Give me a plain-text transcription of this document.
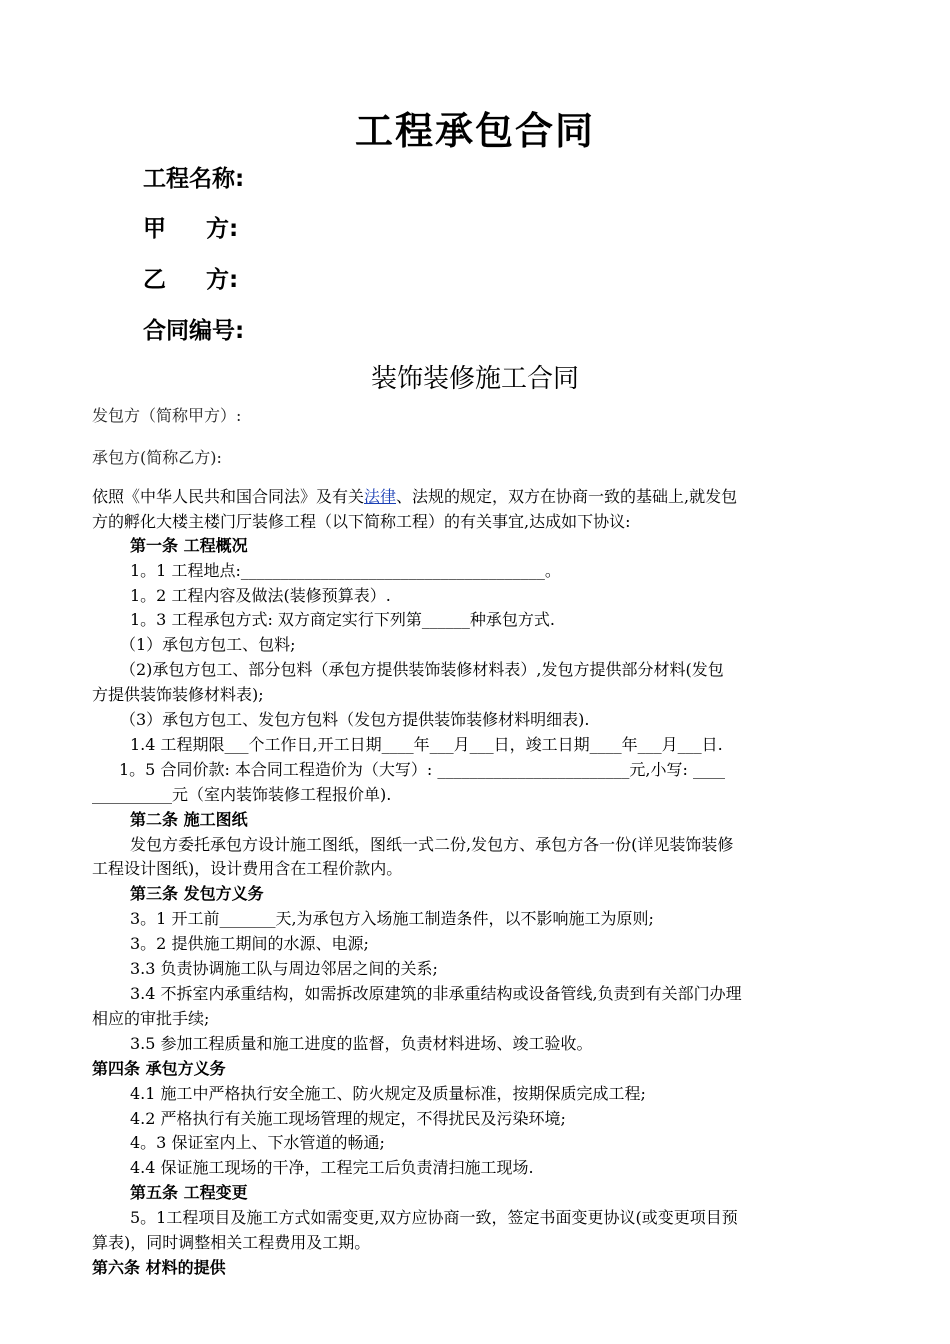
工程承包合同
工程名称:
甲方:
乙方:
合同编号:
装饰装修施工合同
发包方（简称甲方）:
承包方(简称乙方):
依照《中华人民共和国合同法》及有关法律、法规的规定，双方在协商一致的基础上,就发包
方的孵化大楼主楼门厅装修工程（以下简称工程）的有关事宜,达成如下协议:
第一条 工程概况
1。1 工程地点:______________________________________。
1。2 工程内容及做法(装修预算表）.
1。3 工程承包方式: 双方商定实行下列第______种承包方式.
（1）承包方包工、包料;
（2)承包方包工、部分包料（承包方提供装饰装修材料表）,发包方提供部分材料(发包
方提供装饰装修材料表);
（3）承包方包工、发包方包料（发包方提供装饰装修材料明细表).
1.4 工程期限___个工作日,开工日期____年___月___日，竣工日期____年___月___日.
1。5 合同价款: 本合同工程造价为（大写）: ________________________元,小写: ____
__________元（室内装饰装修工程报价单).
第二条 施工图纸
发包方委托承包方设计施工图纸，图纸一式二份,发包方、承包方各一份(详见装饰装修
工程设计图纸)，设计费用含在工程价款内。
第三条 发包方义务
3。1 开工前_______天,为承包方入场施工制造条件，以不影响施工为原则;
3。2 提供施工期间的水源、电源;
3.3 负责协调施工队与周边邻居之间的关系;
3.4 不拆室内承重结构，如需拆改原建筑的非承重结构或设备管线,负责到有关部门办理
相应的审批手续;
3.5 参加工程质量和施工进度的监督，负责材料进场、竣工验收。
第四条 承包方义务
4.1 施工中严格执行安全施工、防火规定及质量标准，按期保质完成工程;
4.2 严格执行有关施工现场管理的规定，不得扰民及污染环境;
4。3 保证室内上、下水管道的畅通;
4.4 保证施工现场的干净，工程完工后负责清扫施工现场.
第五条 工程变更
5。1工程项目及施工方式如需变更,双方应协商一致，签定书面变更协议(或变更项目预
算表)，同时调整相关工程费用及工期。
第六条 材料的提供
